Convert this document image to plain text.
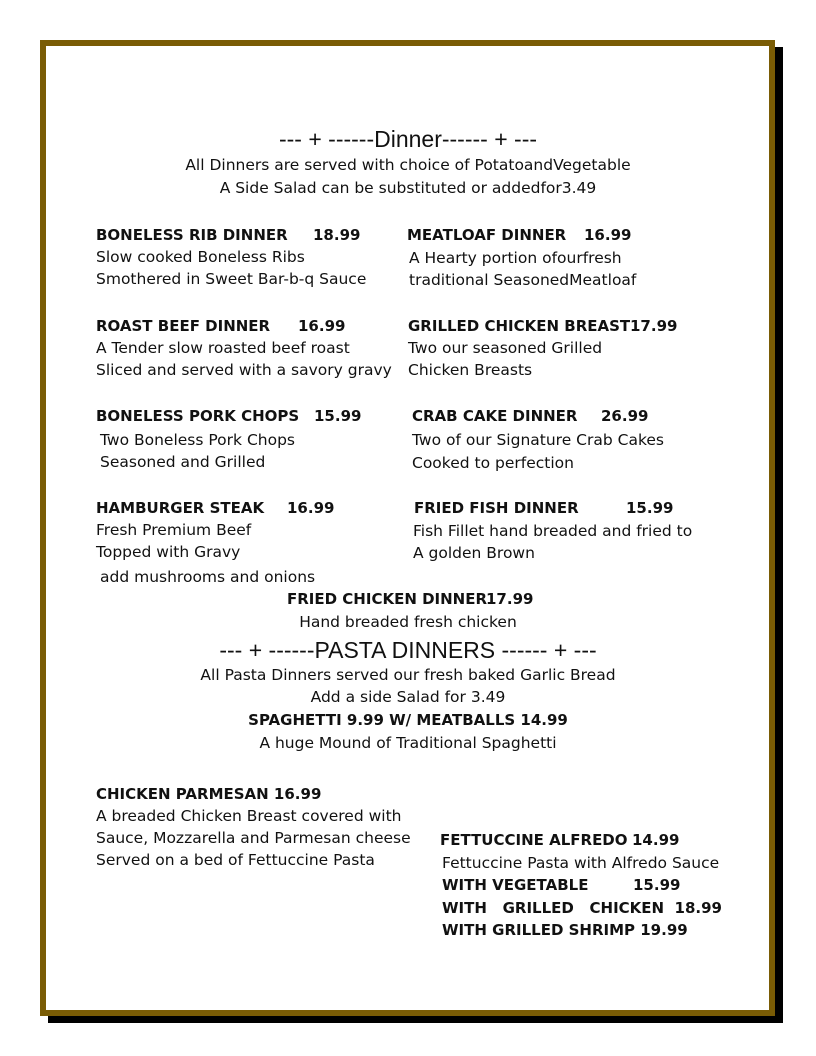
--- + ------Dinner------ + ---
All Dinners are served with choice of PotatoandVegetable
A Side Salad can be substituted or addedfor3.49
BONELESS RIB DINNER 18.99
Slow cooked Boneless Ribs
Smothered in Sweet Bar-b-q Sauce
MEATLOAF DINNER 16.99
A Hearty portion ofourfresh
traditional SeasonedMeatloaf
ROAST BEEF DINNER 16.99
A Tender slow roasted beef roast
Sliced and served with a savory gravy
GRILLED CHICKEN BREAST 17.99
Two our seasoned Grilled
Chicken Breasts
BONELESS PORK CHOPS 15.99
Two Boneless Pork Chops
Seasoned and Grilled
CRAB CAKE DINNER 26.99
Two of our Signature Crab Cakes
Cooked to perfection
HAMBURGER STEAK 16.99
Fresh Premium Beef
Topped with Gravy
add mushrooms and onions
FRIED FISH DINNER	15.99
Fish Fillet hand breaded and fried to
A golden Brown
FRIED CHICKEN DINNER
17.99
Hand breaded fresh chicken
--- + ------PASTA DINNERS ------ + ---
All Pasta Dinners served our fresh baked Garlic Bread
Add a side Salad for 3.49
SPAGHETTI 9.99 W/ MEATBALLS 14.99
A huge Mound of Traditional Spaghetti
CHICKEN PARMESAN 16.99
A breaded Chicken Breast covered with
Sauce, Mozzarella and Parmesan cheese
Served on a bed of Fettuccine Pasta
FETTUCCINE ALFREDO 14.99
Fettuccine Pasta with Alfredo Sauce
WITH VEGETABLE	15.99
WITH   GRILLED   CHICKEN  18.99
WITH GRILLED SHRIMP 19.99
